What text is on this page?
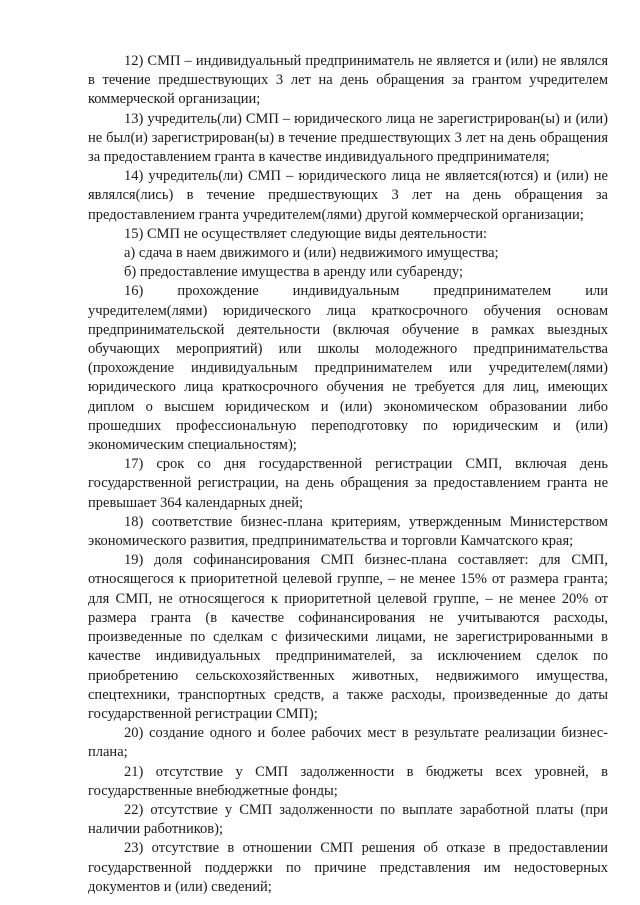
12) СМП – индивидуальный предприниматель не является и (или) не являлся в течение предшествующих 3 лет на день обращения за грантом учредителем коммерческой организации;

13) учредитель(ли) СМП – юридического лица не зарегистрирован(ы) и (или) не был(и) зарегистрирован(ы) в течение предшествующих 3 лет на день обращения за предоставлением гранта в качестве индивидуального предпринимателя;

14) учредитель(ли) СМП – юридического лица не является(ются) и (или) не являлся(лись) в течение предшествующих 3 лет на день обращения за предоставлением гранта учредителем(лями) другой коммерческой организации;

15) СМП не осуществляет следующие виды деятельности:

а) сдача в наем движимого и (или) недвижимого имущества;

б) предоставление имущества в аренду или субаренду;

16) прохождение индивидуальным предпринимателем или учредителем(лями) юридического лица краткосрочного обучения основам предпринимательской деятельности (включая обучение в рамках выездных обучающих мероприятий) или школы молодежного предпринимательства (прохождение индивидуальным предпринимателем или учредителем(лями) юридического лица краткосрочного обучения не требуется для лиц, имеющих диплом о высшем юридическом и (или) экономическом образовании либо прошедших профессиональную переподготовку по юридическим и (или) экономическим специальностям);

17) срок со дня государственной регистрации СМП, включая день государственной регистрации, на день обращения за предоставлением гранта не превышает 364 календарных дней;

18) соответствие бизнес-плана критериям, утвержденным Министерством экономического развития, предпринимательства и торговли Камчатского края;

19) доля софинансирования СМП бизнес-плана составляет: для СМП, относящегося к приоритетной целевой группе, – не менее 15% от размера гранта; для СМП, не относящегося к приоритетной целевой группе, – не менее 20% от размера гранта (в качестве софинансирования не учитываются расходы, произведенные по сделкам с физическими лицами, не зарегистрированными в качестве индивидуальных предпринимателей, за исключением сделок по приобретению сельскохозяйственных животных, недвижимого имущества, спецтехники, транспортных средств, а также расходы, произведенные до даты государственной регистрации СМП);

20) создание одного и более рабочих мест в результате реализации бизнес-плана;

21) отсутствие у СМП задолженности в бюджеты всех уровней, в государственные внебюджетные фонды;

22) отсутствие у СМП задолженности по выплате заработной платы (при наличии работников);

23) отсутствие в отношении СМП решения об отказе в предоставлении государственной поддержки по причине представления им недостоверных документов и (или) сведений;
